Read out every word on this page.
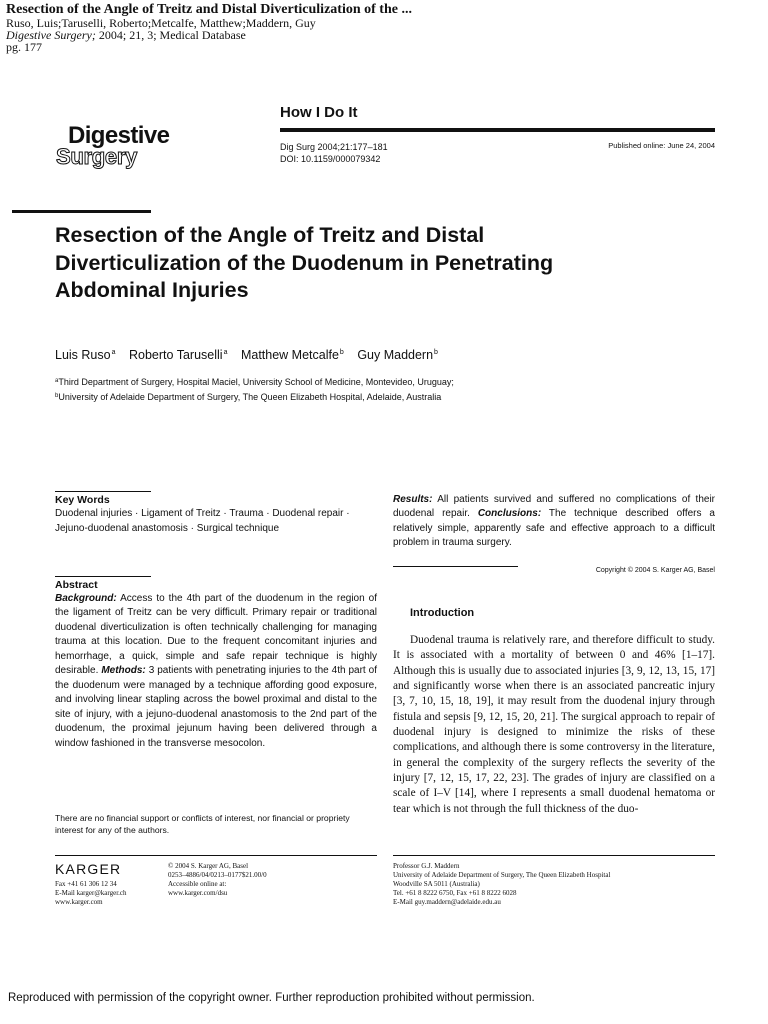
Resection of the Angle of Treitz and Distal Diverticulization of the ...
Ruso, Luis;Taruselli, Roberto;Metcalfe, Matthew;Maddern, Guy
Digestive Surgery; 2004; 21, 3; Medical Database
pg. 177
Digestive
Surgery
How I Do It
Dig Surg 2004;21:177–181
DOI: 10.1159/000079342
Published online: June 24, 2004
Resection of the Angle of Treitz and Distal Diverticulization of the Duodenum in Penetrating Abdominal Injuries
Luis Ruso$^a$ Roberto Taruselli$^a$ Matthew Metcalfe$^b$ Guy Maddern$^b$
$^a$Third Department of Surgery, Hospital Maciel, University School of Medicine, Montevideo, Uruguay;
$^b$University of Adelaide Department of Surgery, The Queen Elizabeth Hospital, Adelaide, Australia
Key Words
Duodenal injuries · Ligament of Treitz · Trauma · Duodenal repair · Jejuno-duodenal anastomosis · Surgical technique
Abstract
Background: Access to the 4th part of the duodenum in the region of the ligament of Treitz can be very difficult. Primary repair or traditional duodenal diverticulization is often technically challenging for managing trauma at this location. Due to the frequent concomitant injuries and hemorrhage, a quick, simple and safe repair technique is highly desirable. Methods: 3 patients with penetrating injuries to the 4th part of the duodenum were managed by a technique affording good exposure, and involving linear stapling across the bowel proximal and distal to the site of injury, with a jejuno-duodenal anastomosis to the 2nd part of the duodenum, the proximal jejunum having been delivered through a window fashioned in the transverse mesocolon.
There are no financial support or conflicts of interest, nor financial or propriety interest for any of the authors.
Results: All patients survived and suffered no complications of their duodenal repair. Conclusions: The technique described offers a relatively simple, apparently safe and effective approach to a difficult problem in trauma surgery.
Copyright © 2004 S. Karger AG, Basel
Introduction
Duodenal trauma is relatively rare, and therefore difficult to study. It is associated with a mortality of between 0 and 46% [1–17]. Although this is usually due to associated injuries [3, 9, 12, 13, 15, 17] and significantly worse when there is an associated pancreatic injury [3, 7, 10, 15, 18, 19], it may result from the duodenal injury through fistula and sepsis [9, 12, 15, 20, 21]. The surgical approach to repair of duodenal injury is designed to minimize the risks of these complications, and although there is some controversy in the literature, in general the complexity of the surgery reflects the severity of the injury [7, 12, 15, 17, 22, 23]. The grades of injury are classified on a scale of I–V [14], where I represents a small duodenal hematoma or tear which is not through the full thickness of the duo-
KARGER
Fax +41 61 306 12 34
E-Mail karger@karger.ch
www.karger.com
© 2004 S. Karger AG, Basel
0253–4886/04/0213–0177$21.00/0
Accessible online at:
www.karger.com/dsu
Professor G.J. Maddern
University of Adelaide Department of Surgery, The Queen Elizabeth Hospital
Woodville SA 5011 (Australia)
Tel. +61 8 8222 6750, Fax +61 8 8222 6028
E-Mail guy.maddern@adelaide.edu.au
Reproduced with permission of the copyright owner. Further reproduction prohibited without permission.
